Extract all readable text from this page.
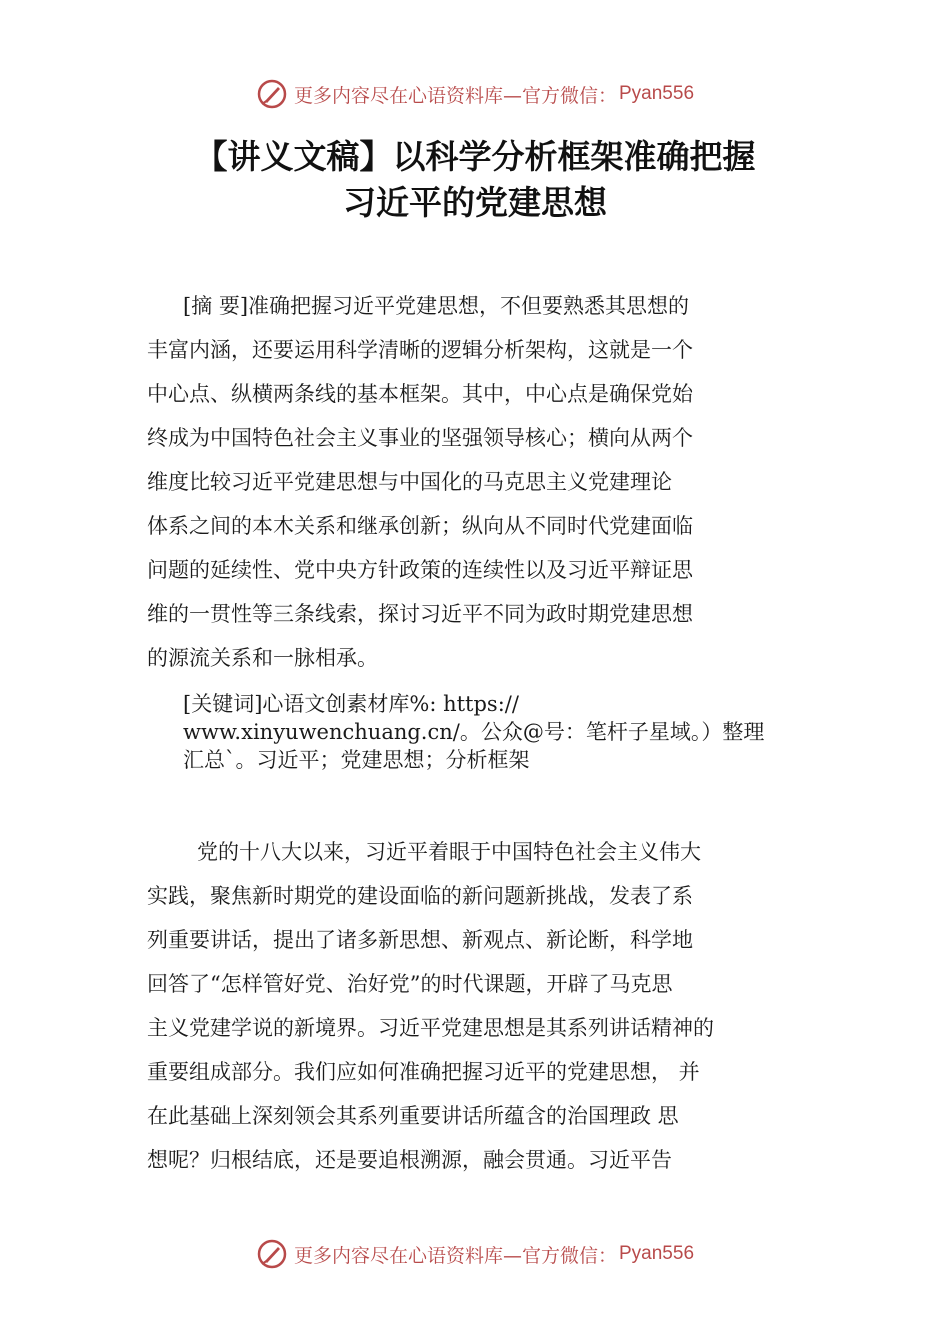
更多内容尽在心语资料库—官方微信： Pyan556
【讲义文稿】以科学分析框架准确把握
习近平的党建思想
[摘 要]准确把握习近平党建思想，不但要熟悉其思想的
丰富内涵，还要运用科学清晰的逻辑分析架构，这就是一个
中心点、纵横两条线的基本框架。其中，中心点是确保党始
终成为中国特色社会主义事业的坚强领导核心；横向从两个
维度比较习近平党建思想与中国化的马克思主义党建理论
体系之间的本木关系和继承创新；纵向从不同时代党建面临
问题的延续性、党中央方针政策的连续性以及习近平辩证思
维的一贯性等三条线索，探讨习近平不同为政时期党建思想
的源流关系和一脉相承。
[关键词]心语文创素材库%: https://
www.xinyuwenchuang.cn/。公众@号：笔杆子星域。）整理
汇总`。习近平；党建思想；分析框架
党的十八大以来，习近平着眼于中国特色社会主义伟大
实践，聚焦新时期党的建设面临的新问题新挑战，发表了系
列重要讲话，提出了诸多新思想、新观点、新论断，科学地
回答了“怎样管好党、治好党”的时代课题，开辟了马克思
主义党建学说的新境界。习近平党建思想是其系列讲话精神的
重要组成部分。我们应如何准确把握习近平的党建思想， 并
在此基础上深刻领会其系列重要讲话所蕴含的治国理政 思
想呢？归根结底，还是要追根溯源，融会贯通。习近平告
更多内容尽在心语资料库—官方微信： Pyan556
